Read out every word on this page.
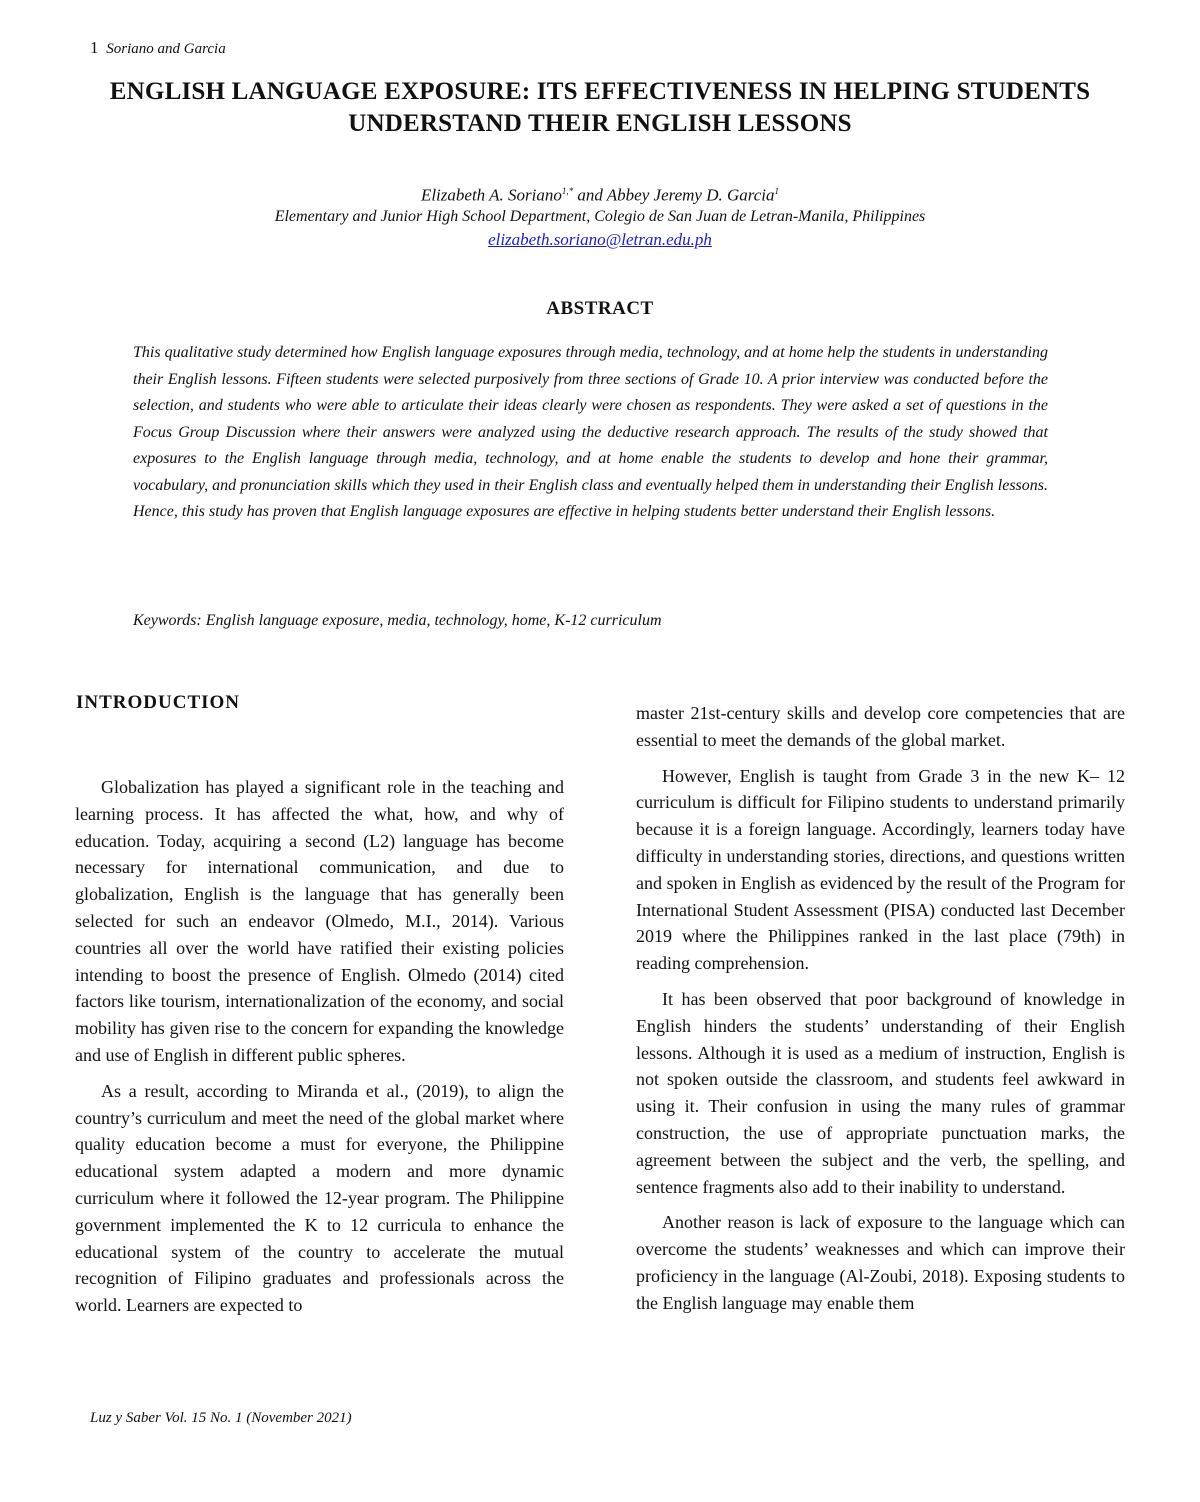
1 Soriano and Garcia
ENGLISH LANGUAGE EXPOSURE: ITS EFFECTIVENESS IN HELPING STUDENTS UNDERSTAND THEIR ENGLISH LESSONS
Elizabeth A. Soriano$^{1,*}$ and Abbey Jeremy D. Garcia$^1$
Elementary and Junior High School Department, Colegio de San Juan de Letran-Manila, Philippines
elizabeth.soriano@letran.edu.ph
ABSTRACT
This qualitative study determined how English language exposures through media, technology, and at home help the students in understanding their English lessons. Fifteen students were selected purposively from three sections of Grade 10. A prior interview was conducted before the selection, and students who were able to articulate their ideas clearly were chosen as respondents. They were asked a set of questions in the Focus Group Discussion where their answers were analyzed using the deductive research approach. The results of the study showed that exposures to the English language through media, technology, and at home enable the students to develop and hone their grammar, vocabulary, and pronunciation skills which they used in their English class and eventually helped them in understanding their English lessons. Hence, this study has proven that English language exposures are effective in helping students better understand their English lessons.
Keywords: English language exposure, media, technology, home, K-12 curriculum
INTRODUCTION

Globalization has played a significant role in the teaching and learning process. It has affected the what, how, and why of education. Today, acquiring a second (L2) language has become necessary for international communication, and due to globalization, English is the language that has generally been selected for such an endeavor (Olmedo, M.I., 2014). Various countries all over the world have ratified their existing policies intending to boost the presence of English. Olmedo (2014) cited factors like tourism, internationalization of the economy, and social mobility has given rise to the concern for expanding the knowledge and use of English in different public spheres.

As a result, according to Miranda et al., (2019), to align the country’s curriculum and meet the need of the global market where quality education become a must for everyone, the Philippine educational system adapted a modern and more dynamic curriculum where it followed the 12-year program. The Philippine government implemented the K to 12 curricula to enhance the educational system of the country to accelerate the mutual recognition of Filipino graduates and professionals across the world. Learners are expected to

master 21st-century skills and develop core competencies that are essential to meet the demands of the global market.

However, English is taught from Grade 3 in the new K– 12 curriculum is difficult for Filipino students to understand primarily because it is a foreign language. Accordingly, learners today have difficulty in understanding stories, directions, and questions written and spoken in English as evidenced by the result of the Program for International Student Assessment (PISA) conducted last December 2019 where the Philippines ranked in the last place (79th) in reading comprehension.

It has been observed that poor background of knowledge in English hinders the students’ understanding of their English lessons. Although it is used as a medium of instruction, English is not spoken outside the classroom, and students feel awkward in using it. Their confusion in using the many rules of grammar construction, the use of appropriate punctuation marks, the agreement between the subject and the verb, the spelling, and sentence fragments also add to their inability to understand.

Another reason is lack of exposure to the language which can overcome the students’ weaknesses and which can improve their proficiency in the language (Al-Zoubi, 2018). Exposing students to the English language may enable them

Luz y Saber Vol. 15 No. 1 (November 2021)
